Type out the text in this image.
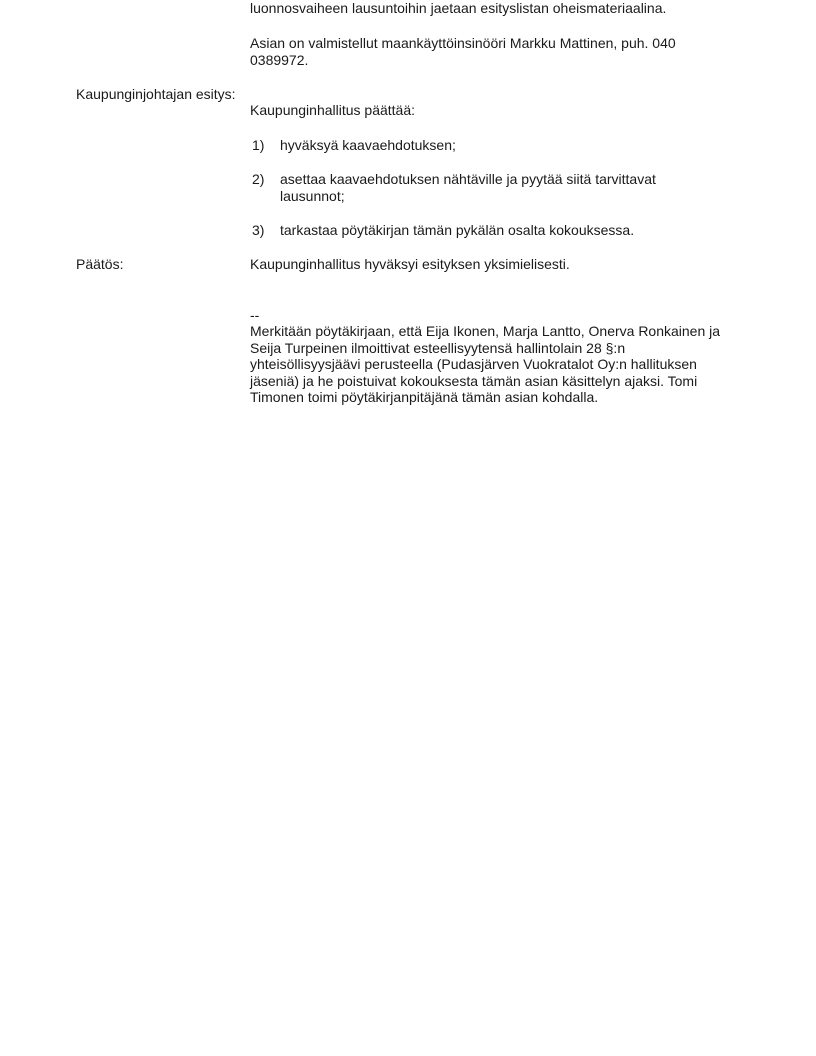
luonnosvaiheen lausuntoihin jaetaan esityslistan oheismateriaalina.
Asian on valmistellut maankäyttöinsinööri Markku Mattinen, puh. 040 0389972.
Kaupunginjohtajan esitys:
Kaupunginhallitus päättää:
1) hyväksyä kaavaehdotuksen;
2) asettaa kaavaehdotuksen nähtäville ja pyytää siitä tarvittavat lausunnot;
3) tarkastaa pöytäkirjan tämän pykälän osalta kokouksessa.
Päätös:	Kaupunginhallitus hyväksyi esityksen yksimielisesti.
--
Merkitään pöytäkirjaan, että Eija Ikonen, Marja Lantto, Onerva Ronkainen ja Seija Turpeinen ilmoittivat esteellisyytensä hallintolain 28 §:n yhteisöllisyysjäävi perusteella (Pudasjärven Vuokratalot Oy:n hallituksen jäseniä) ja he poistuivat kokouksesta tämän asian käsittelyn ajaksi. Tomi Timonen toimi pöytäkirjanpitäjänä tämän asian kohdalla.
